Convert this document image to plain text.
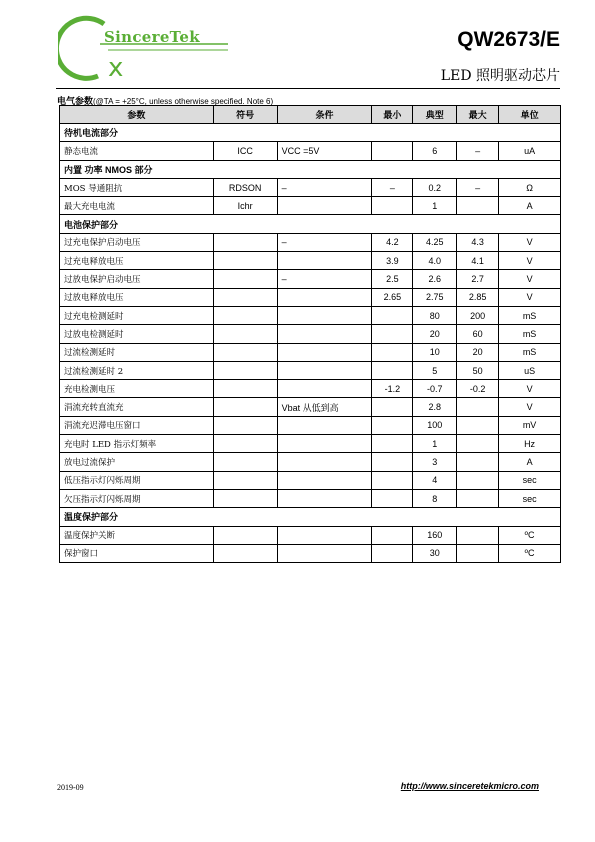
x
SincereTek	QW2673/E
LED 照明驱动芯片
电气参数(@TA = +25°C, unless otherwise specified. Note 6)
参数	符号	条件	最小	典型	最大	单位
待机电流部分						
静态电流	ICC	VCC =5V		6	–	uA
内置 功率 NMOS 部分						
MOS 导通阻抗	RDSON	–	–	0.2	–	Ω
最大充电电流	Ichr			1		A
电池保护部分						
过充电保护启动电压		–	4.2	4.25	4.3	V
过充电释放电压			3.9	4.0	4.1	V
过放电保护启动电压		–	2.5	2.6	2.7	V
过放电释放电压			2.65	2.75	2.85	V
过充电检测延时				80	200	mS
过放电检测延时				20	60	mS
过流检测延时				10	20	mS
过流检测延时 2				5	50	uS
充电检测电压			-1.2	-0.7	-0.2	V
涓流充转直流充		Vbat 从低到高		2.8		V
涓流充迟滞电压窗口				100		mV
充电时 LED 指示灯频率				1		Hz
放电过流保护				3		A
低压指示灯闪烁周期				4		sec
欠压指示灯闪烁周期				8		sec
温度保护部分						
温度保护关断				160		ºC
保护窗口				30		ºC
2019-09	http://www.sinceretekmicro.com
